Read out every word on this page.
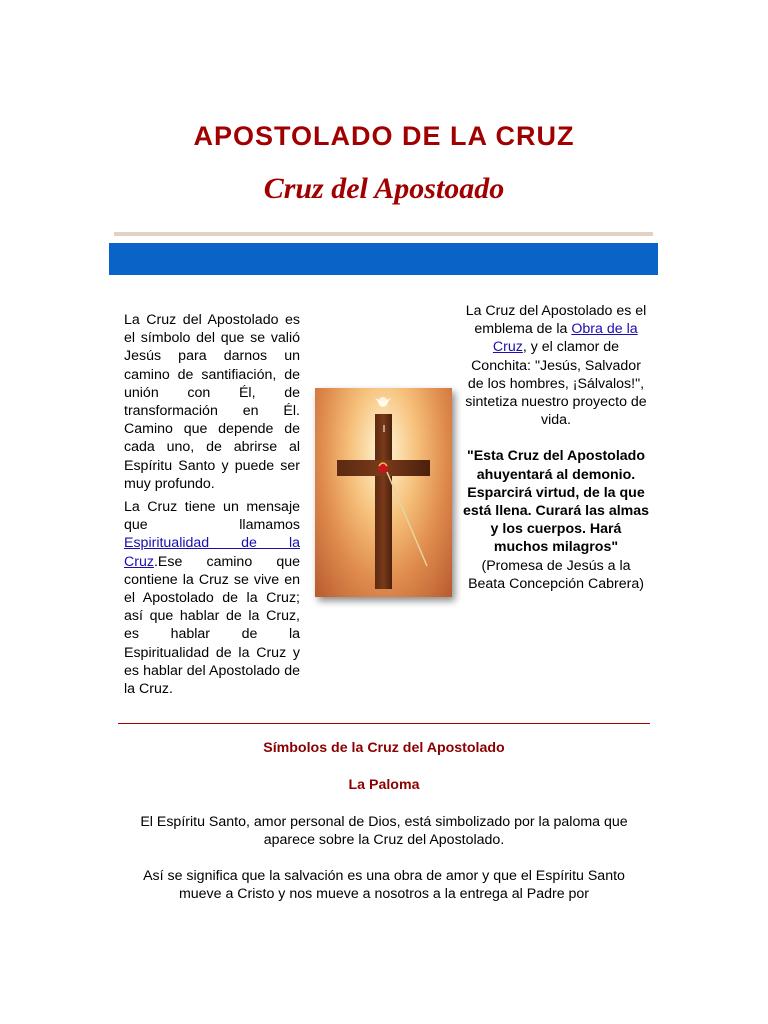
APOSTOLADO DE LA CRUZ
Cruz del Apostoado

La Cruz del Apostolado es el símbolo del que se valió Jesús para darnos un camino de santifiación, de unión con Él, de transformación en Él. Camino que depende de cada uno, de abrirse al Espíritu Santo y puede ser muy profundo.

La Cruz tiene un mensaje que llamamos Espiritualidad de la Cruz.Ese camino que contiene la Cruz se vive en el Apostolado de la Cruz; así que hablar de la Cruz, es hablar de la Espiritualidad de la Cruz y es hablar del Apostolado de la Cruz.

La Cruz del Apostolado es el emblema de la Obra de la Cruz, y el clamor de Conchita: "Jesús, Salvador de los hombres, ¡Sálvalos!", sintetiza nuestro proyecto de vida.

"Esta Cruz del Apostolado ahuyentará al demonio. Esparcirá virtud, de la que está llena. Curará las almas y los cuerpos. Hará muchos milagros" (Promesa de Jesús a la Beata Concepción Cabrera)

Símbolos de la Cruz del Apostolado
La Paloma
El Espíritu Santo, amor personal de Dios, está simbolizado por la paloma que aparece sobre la Cruz del Apostolado.
Así se significa que la salvación es una obra de amor y que el Espíritu Santo mueve a Cristo y nos mueve a nosotros a la entrega al Padre por
